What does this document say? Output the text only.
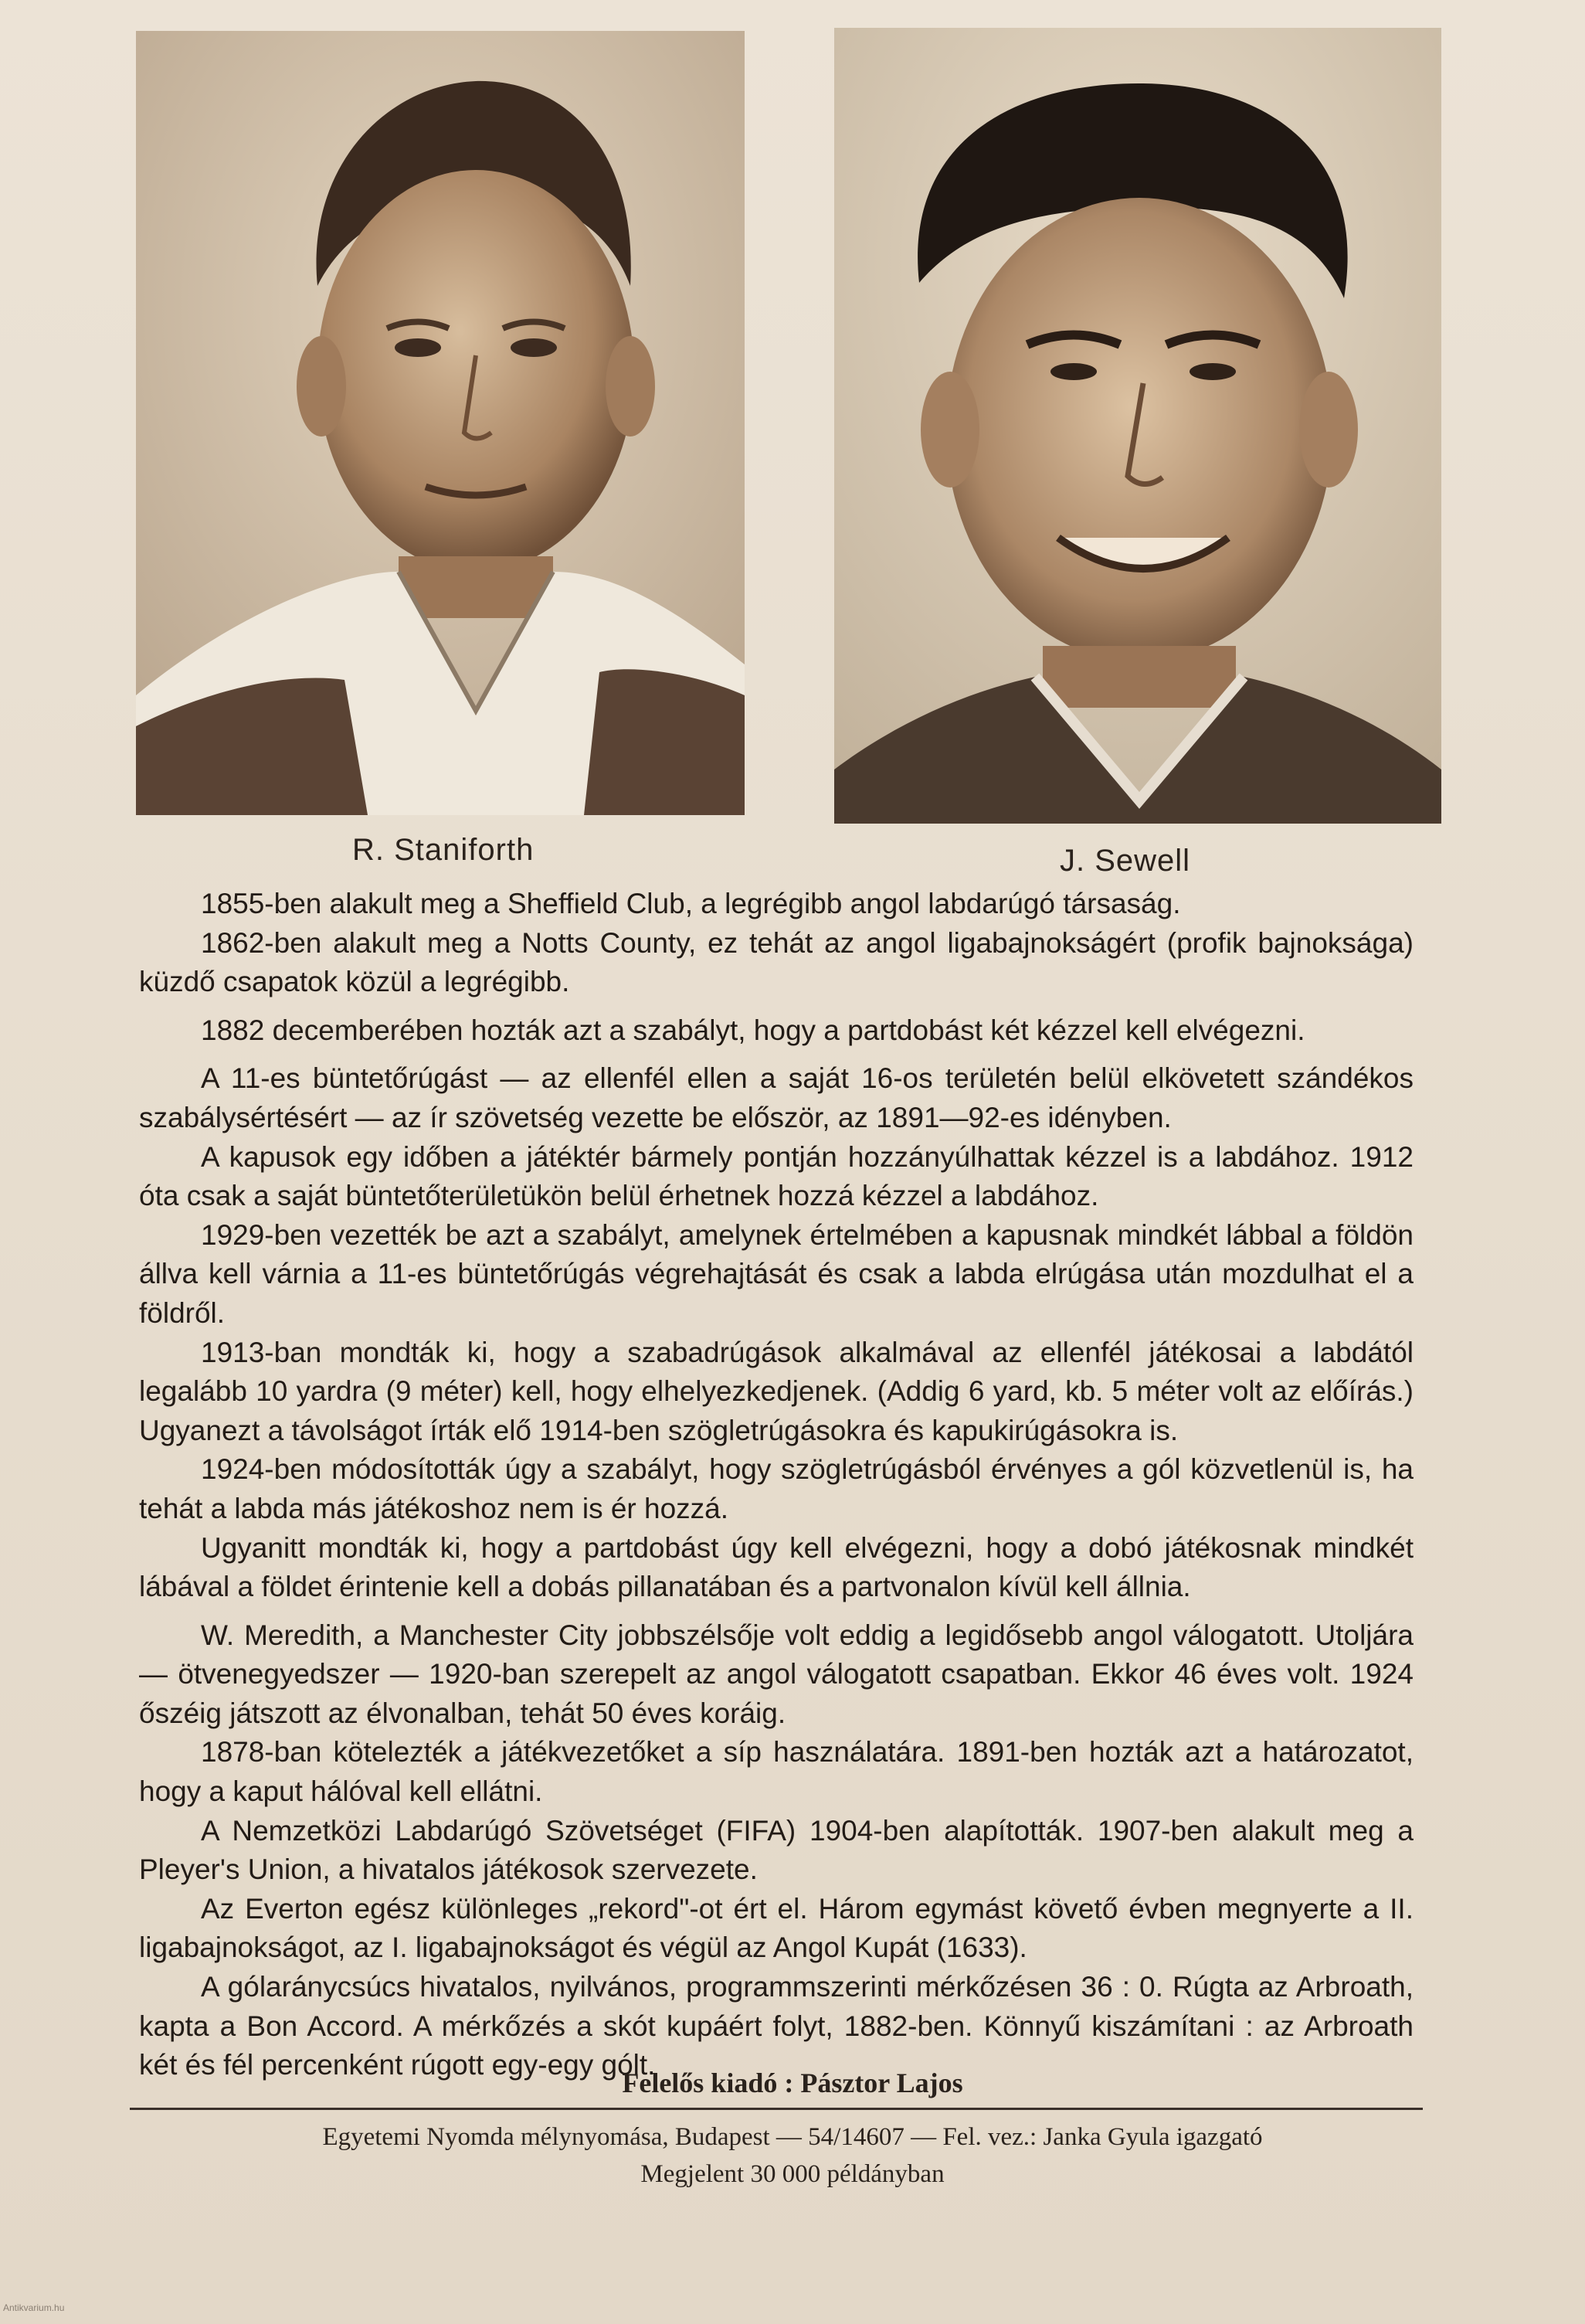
R. Staniforth	J. Sewell

1855-ben alakult meg a Sheffield Club, a legrégibb angol labdarúgó társaság.

1862-ben alakult meg a Notts County, ez tehát az angol ligabajnokságért (profik bajnoksága) küzdő csapatok közül a legrégibb.

1882 decemberében hozták azt a szabályt, hogy a partdobást két kézzel kell elvégezni.

A 11-es büntetőrúgást — az ellenfél ellen a saját 16-os területén belül elkövetett szándékos szabálysértésért — az ír szövetség vezette be először, az 1891—92-es idényben.

A kapusok egy időben a játéktér bármely pontján hozzányúlhattak kézzel is a labdához. 1912 óta csak a saját büntetőterületükön belül érhetnek hozzá kézzel a labdához.

1929-ben vezették be azt a szabályt, amelynek értelmében a kapusnak mindkét lábbal a földön állva kell várnia a 11-es büntetőrúgás végrehajtását és csak a labda elrúgása után mozdulhat el a földről.

1913-ban mondták ki, hogy a szabadrúgások alkalmával az ellenfél játékosai a labdától legalább 10 yardra (9 méter) kell, hogy elhelyezkedjenek. (Addig 6 yard, kb. 5 méter volt az előírás.) Ugyanezt a távolságot írták elő 1914-ben szögletrúgásokra és kapukirúgásokra is.

1924-ben módosították úgy a szabályt, hogy szögletrúgásból érvényes a gól közvetlenül is, ha tehát a labda más játékoshoz nem is ér hozzá.

Ugyanitt mondták ki, hogy a partdobást úgy kell elvégezni, hogy a dobó játékosnak mindkét lábával a földet érintenie kell a dobás pillanatában és a partvonalon kívül kell állnia.

W. Meredith, a Manchester City jobbszélsője volt eddig a legidősebb angol válogatott. Utoljára — ötvenegyedszer — 1920-ban szerepelt az angol válogatott csapatban. Ekkor 46 éves volt. 1924 őszéig játszott az élvonalban, tehát 50 éves koráig.

1878-ban kötelezték a játékvezetőket a síp használatára. 1891-ben hozták azt a határozatot, hogy a kaput hálóval kell ellátni.

A Nemzetközi Labdarúgó Szövetséget (FIFA) 1904-ben alapították. 1907-ben alakult meg a Pleyer's Union, a hivatalos játékosok szervezete.

Az Everton egész különleges „rekord"-ot ért el. Három egymást követő évben megnyerte a II. ligabajnokságot, az I. ligabajnokságot és végül az Angol Kupát (1633).

A gólaránycsúcs hivatalos, nyilvános, programmszerinti mérkőzésen 36 : 0. Rúgta az Arbroath, kapta a Bon Accord. A mérkőzés a skót kupáért folyt, 1882-ben. Könnyű kiszámítani : az Arbroath két és fél percenként rúgott egy-egy gólt.

Felelős kiadó : Pásztor Lajos
Egyetemi Nyomda mélynyomása, Budapest — 54/14607 — Fel. vez.: Janka Gyula igazgató
Megjelent 30 000 példányban
Antikvarium.hu
